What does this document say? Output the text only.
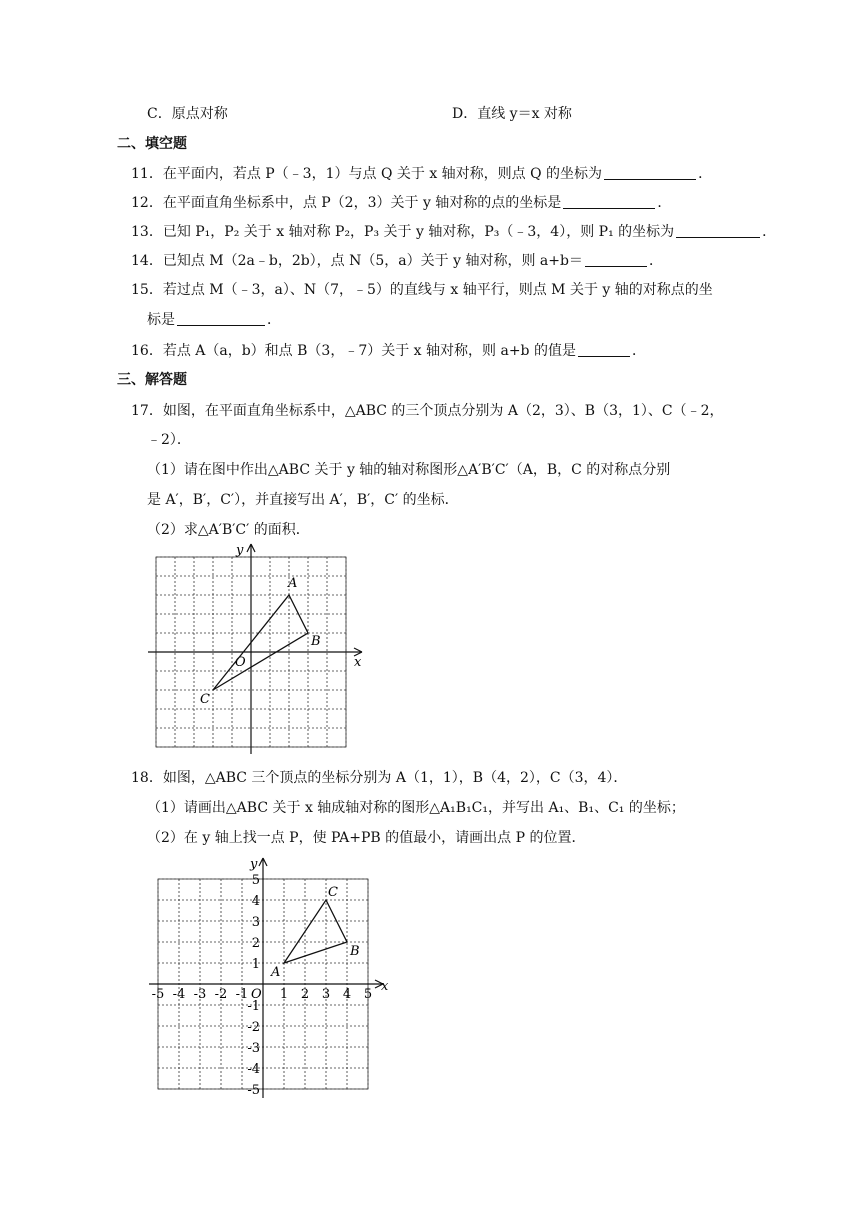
C．原点对称	D．直线 y＝x 对称
二、填空题
11．在平面内，若点 P（﹣3，1）与点 Q 关于 x 轴对称，则点 Q 的坐标为	．
12．在平面直角坐标系中，点 P（2，3）关于 y 轴对称的点的坐标是	．
13．已知 P₁，P₂ 关于 x 轴对称 P₂，P₃ 关于 y 轴对称，P₃（﹣3，4），则 P₁ 的坐标为	．
14．已知点 M（2a﹣b，2b），点 N（5，a）关于 y 轴对称，则 a+b＝	．
15．若过点 M（﹣3，a）、N（7，﹣5）的直线与 x 轴平行，则点 M 关于 y 轴的对称点的坐
标是	．
16．若点 A（a，b）和点 B（3，﹣7）关于 x 轴对称，则 a+b 的值是	．
三、解答题
17．如图，在平面直角坐标系中，△ABC 的三个顶点分别为 A（2，3）、B（3，1）、C（﹣2，
﹣2）．
（1）请在图中作出△ABC 关于 y 轴的轴对称图形△A′B′C′（A，B，C 的对称点分别
是 A′，B′，C′），并直接写出 A′，B′，C′ 的坐标．
（2）求△A′B′C′ 的面积．
x
y
O
A
B
C
18．如图，△ABC 三个顶点的坐标分别为 A（1，1），B（4，2），C（3，4）．
（1）请画出△ABC 关于 x 轴成轴对称的图形△A₁B₁C₁，并写出 A₁、B₁、C₁ 的坐标；
（2）在 y 轴上找一点 P，使 PA+PB 的值最小，请画出点 P 的位置．
x
y
O
-5 -4 -3 -2 -1 1 2 3 4 5
5
4
3
2
1
-1
-2
-3
-4
-5
A
B
C
